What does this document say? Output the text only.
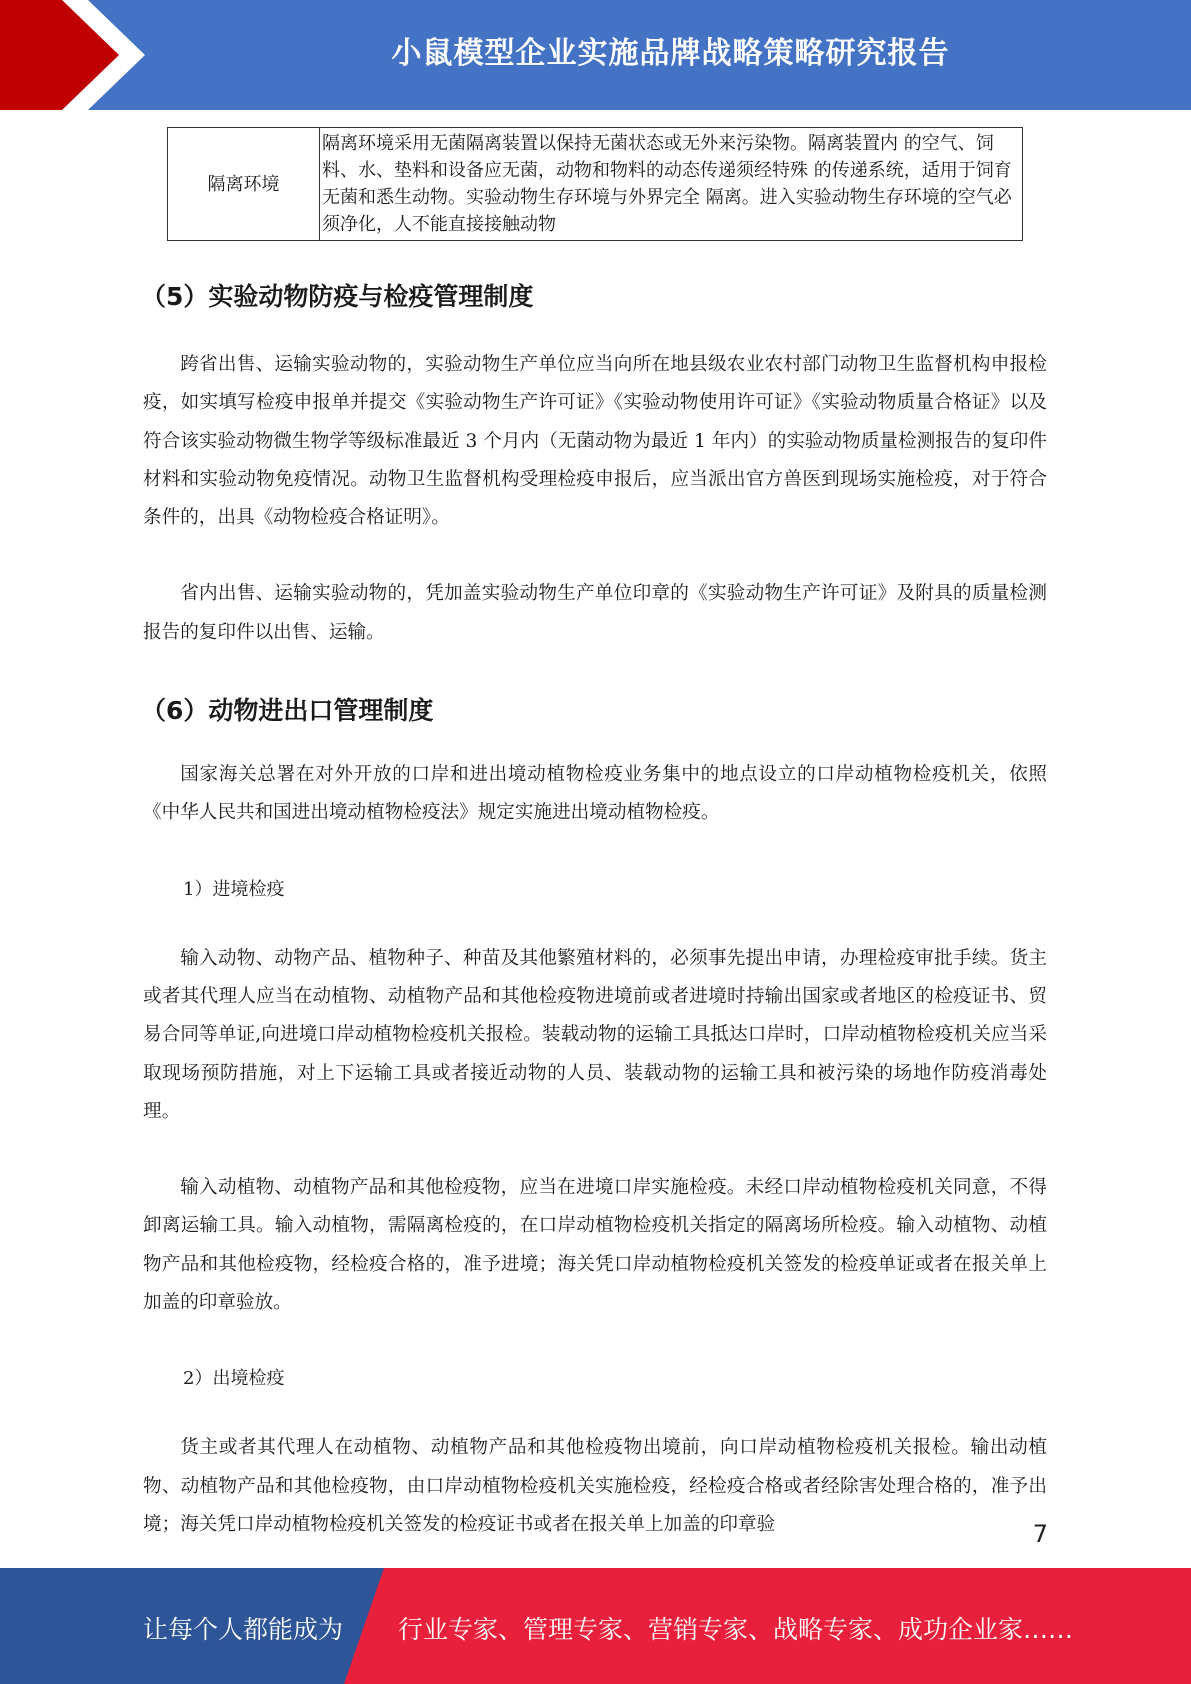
小鼠模型企业实施品牌战略策略研究报告
隔离环境	隔离环境采用无菌隔离装置以保持无菌状态或无外来污染物。隔离装置内 的空气、饲料、水、垫料和设备应无菌，动物和物料的动态传递须经特殊 的传递系统，适用于饲育无菌和悉生动物。实验动物生存环境与外界完全 隔离。进入实验动物生存环境的空气必须净化，人不能直接接触动物
（5）实验动物防疫与检疫管理制度

跨省出售、运输实验动物的，实验动物生产单位应当向所在地县级农业农村部门动物卫生监督机构申报检疫，如实填写检疫申报单并提交《实验动物生产许可证》《实验动物使用许可证》《实验动物质量合格证》以及符合该实验动物微生物学等级标准最近 3 个月内（无菌动物为最近 1 年内）的实验动物质量检测报告的复印件材料和实验动物免疫情况。动物卫生监督机构受理检疫申报后，应当派出官方兽医到现场实施检疫，对于符合条件的，出具《动物检疫合格证明》。

省内出售、运输实验动物的，凭加盖实验动物生产单位印章的《实验动物生产许可证》及附具的质量检测报告的复印件以出售、运输。

（6）动物进出口管理制度

国家海关总署在对外开放的口岸和进出境动植物检疫业务集中的地点设立的口岸动植物检疫机关，依照《中华人民共和国进出境动植物检疫法》规定实施进出境动植物检疫。

1）进境检疫

输入动物、动物产品、植物种子、种苗及其他繁殖材料的，必须事先提出申请，办理检疫审批手续。货主或者其代理人应当在动植物、动植物产品和其他检疫物进境前或者进境时持输出国家或者地区的检疫证书、贸易合同等单证,向进境口岸动植物检疫机关报检。装载动物的运输工具抵达口岸时，口岸动植物检疫机关应当采取现场预防措施，对上下运输工具或者接近动物的人员、装载动物的运输工具和被污染的场地作防疫消毒处理。

输入动植物、动植物产品和其他检疫物，应当在进境口岸实施检疫。未经口岸动植物检疫机关同意，不得卸离运输工具。输入动植物，需隔离检疫的，在口岸动植物检疫机关指定的隔离场所检疫。输入动植物、动植物产品和其他检疫物，经检疫合格的，准予进境；海关凭口岸动植物检疫机关签发的检疫单证或者在报关单上加盖的印章验放。

2）出境检疫

货主或者其代理人在动植物、动植物产品和其他检疫物出境前，向口岸动植物检疫机关报检。输出动植物、动植物产品和其他检疫物，由口岸动植物检疫机关实施检疫，经检疫合格或者经除害处理合格的，准予出境；海关凭口岸动植物检疫机关签发的检疫证书或者在报关单上加盖的印章验	7
让每个人都能成为 行业专家、管理专家、营销专家、战略专家、成功企业家……
